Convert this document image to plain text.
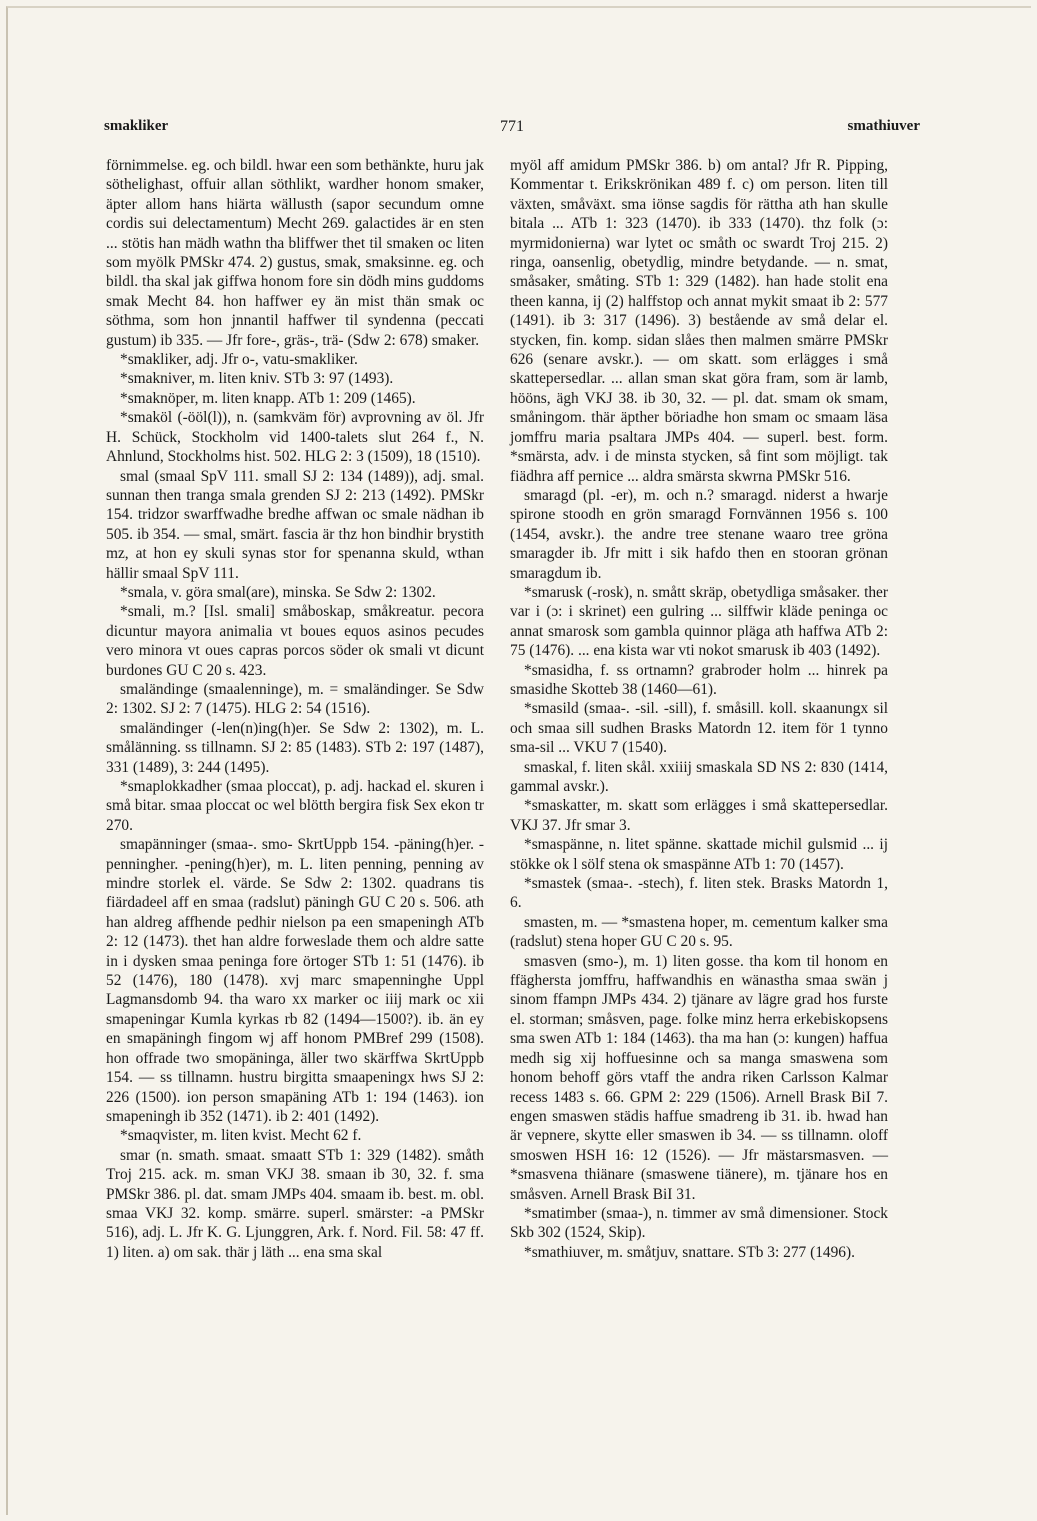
smakliker	771	smathiuver

förnimmelse. eg. och bildl. hwar een som bethänkte, huru jak söthelighast, offuir allan söthlikt, wardher honom smaker, äpter allom hans hiärta wällusth (sapor secundum omne cordis sui delectamentum) Mecht 269. galactides är en sten ... stötis han mädh wathn tha bliffwer thet til smaken oc liten som myölk PMSkr 474. 2) gustus, smak, smaksinne. eg. och bildl. tha skal jak giffwa honom fore sin dödh mins guddoms smak Mecht 84. hon haffwer ey än mist thän smak oc söthma, som hon jnnantil haffwer til syndenna (peccati gustum) ib 335. — Jfr fore-, gräs-, trä- (Sdw 2: 678) smaker.

*smakliker, adj. Jfr o-, vatu-smakliker.

*smakniver, m. liten kniv. STb 3: 97 (1493).

*smaknöper, m. liten knapp. ATb 1: 209 (1465).

*smaköl (-ööl(l)), n. (samkväm för) avprovning av öl. Jfr H. Schück, Stockholm vid 1400-talets slut 264 f., N. Ahnlund, Stockholms hist. 502. HLG 2: 3 (1509), 18 (1510).

smal (smaal SpV 111. small SJ 2: 134 (1489)), adj. smal. sunnan then tranga smala grenden SJ 2: 213 (1492). PMSkr 154. tridzor swarffwadhe bredhe affwan oc smale nädhan ib 505. ib 354. — smal, smärt. fascia är thz hon bindhir brystith mz, at hon ey skuli synas stor for spenanna skuld, wthan hällir smaal SpV 111.

*smala, v. göra smal(are), minska. Se Sdw 2: 1302.

*smali, m.? [Isl. smali] småboskap, småkreatur. pecora dicuntur mayora animalia vt boues equos asinos pecudes vero minora vt oues capras porcos söder ok smali vt dicunt burdones GU C 20 s. 423.

smaländinge (smaalenninge), m. = smaländinger. Se Sdw 2: 1302. SJ 2: 7 (1475). HLG 2: 54 (1516).

smaländinger (-len(n)ing(h)er. Se Sdw 2: 1302), m. L. smålänning. ss tillnamn. SJ 2: 85 (1483). STb 2: 197 (1487), 331 (1489), 3: 244 (1495).

*smaplokkadher (smaa ploccat), p. adj. hackad el. skuren i små bitar. smaa ploccat oc wel blötth bergira fisk Sex ekon tr 270.

smapänninger (smaa-. smo- SkrtUppb 154. -päning(h)er. -penningher. -pening(h)er), m. L. liten penning, penning av mindre storlek el. värde. Se Sdw 2: 1302. quadrans tis fiärdadeel aff en smaa (radslut) päningh GU C 20 s. 506. ath han aldreg affhende pedhir nielson pa een smapeningh ATb 2: 12 (1473). thet han aldre forweslade them och aldre satte in i dysken smaa peninga fore örtoger STb 1: 51 (1476). ib 52 (1476), 180 (1478). xvj marc smapenninghe Uppl Lagmansdomb 94. tha waro xx marker oc iiij mark oc xii smapeningar Kumla kyrkas rb 82 (1494—1500?). ib. än ey en smapäningh fingom wj aff honom PMBref 299 (1508). hon offrade two smopäninga, äller two skärffwa SkrtUppb 154. — ss tillnamn. hustru birgitta smaapeningx hws SJ 2: 226 (1500). ion person smapäning ATb 1: 194 (1463). ion smapeningh ib 352 (1471). ib 2: 401 (1492).

*smaqvister, m. liten kvist. Mecht 62 f.

smar (n. smath. smaat. smaatt STb 1: 329 (1482). småth Troj 215. ack. m. sman VKJ 38. smaan ib 30, 32. f. sma PMSkr 386. pl. dat. smam JMPs 404. smaam ib. best. m. obl. smaa VKJ 32. komp. smärre. superl. smärster: -a PMSkr 516), adj. L. Jfr K. G. Ljunggren, Ark. f. Nord. Fil. 58: 47 ff. 1) liten. a) om sak. thär j läth ... ena sma skal

myöl aff amidum PMSkr 386. b) om antal? Jfr R. Pipping, Kommentar t. Erikskrönikan 489 f. c) om person. liten till växten, småväxt. sma iönse sagdis för rättha ath han skulle bitala ... ATb 1: 323 (1470). ib 333 (1470). thz folk (ɔ: myrmidonierna) war lytet oc småth oc swardt Troj 215. 2) ringa, oansenlig, obetydlig, mindre betydande. — n. smat, småsaker, småting. STb 1: 329 (1482). han hade stolit ena theen kanna, ij (2) halffstop och annat mykit smaat ib 2: 577 (1491). ib 3: 317 (1496). 3) bestående av små delar el. stycken, fin. komp. sidan slåes then malmen smärre PMSkr 626 (senare avskr.). — om skatt. som erlägges i små skattepersedlar. ... allan sman skat göra fram, som är lamb, hööns, ägh VKJ 38. ib 30, 32. — pl. dat. smam ok smam, småningom. thär äpther böriadhe hon smam oc smaam läsa jomffru maria psaltara JMPs 404. — superl. best. form. *smärsta, adv. i de minsta stycken, så fint som möjligt. tak fiädhra aff pernice ... aldra smärsta skwrna PMSkr 516.

smaragd (pl. -er), m. och n.? smaragd. niderst a hwarje spirone stoodh en grön smaragd Fornvännen 1956 s. 100 (1454, avskr.). the andre tree stenane waaro tree gröna smaragder ib. Jfr mitt i sik hafdo then en stooran grönan smaragdum ib.

*smarusk (-rosk), n. smått skräp, obetydliga småsaker. ther var i (ɔ: i skrinet) een gulring ... silffwir kläde peninga oc annat smarosk som gambla quinnor pläga ath haffwa ATb 2: 75 (1476). ... ena kista war vti nokot smarusk ib 403 (1492).

*smasidha, f. ss ortnamn? grabroder holm ... hinrek pa smasidhe Skotteb 38 (1460—61).

*smasild (smaa-. -sil. -sill), f. småsill. koll. skaanungx sil och smaa sill sudhen Brasks Matordn 12. item för 1 tynno sma-sil ... VKU 7 (1540).

smaskal, f. liten skål. xxiiij smaskala SD NS 2: 830 (1414, gammal avskr.).

*smaskatter, m. skatt som erlägges i små skattepersedlar. VKJ 37. Jfr smar 3.

*smaspänne, n. litet spänne. skattade michil gulsmid ... ij stökke ok l sölf stena ok smaspänne ATb 1: 70 (1457).

*smastek (smaa-. -stech), f. liten stek. Brasks Matordn 1, 6.

smasten, m. — *smastena hoper, m. cementum kalker sma (radslut) stena hoper GU C 20 s. 95.

smasven (smo-), m. 1) liten gosse. tha kom til honom en ffäghersta jomffru, haffwandhis en wänastha smaa swän j sinom ffampn JMPs 434. 2) tjänare av lägre grad hos furste el. storman; småsven, page. folke minz herra erkebiskopsens sma swen ATb 1: 184 (1463). tha ma han (ɔ: kungen) haffua medh sig xij hoffuesinne och sa manga smaswena som honom behoff görs vtaff the andra riken Carlsson Kalmar recess 1483 s. 66. GPM 2: 229 (1506). Arnell Brask BiI 7. engen smaswen städis haffue smadreng ib 31. ib. hwad han är vepnere, skytte eller smaswen ib 34. — ss tillnamn. oloff smoswen HSH 16: 12 (1526). — Jfr mästarsmasven. — *smasvena thiänare (smaswene tiänere), m. tjänare hos en småsven. Arnell Brask BiI 31.

*smatimber (smaa-), n. timmer av små dimensioner. Stock Skb 302 (1524, Skip).

*smathiuver, m. småtjuv, snattare. STb 3: 277 (1496).
